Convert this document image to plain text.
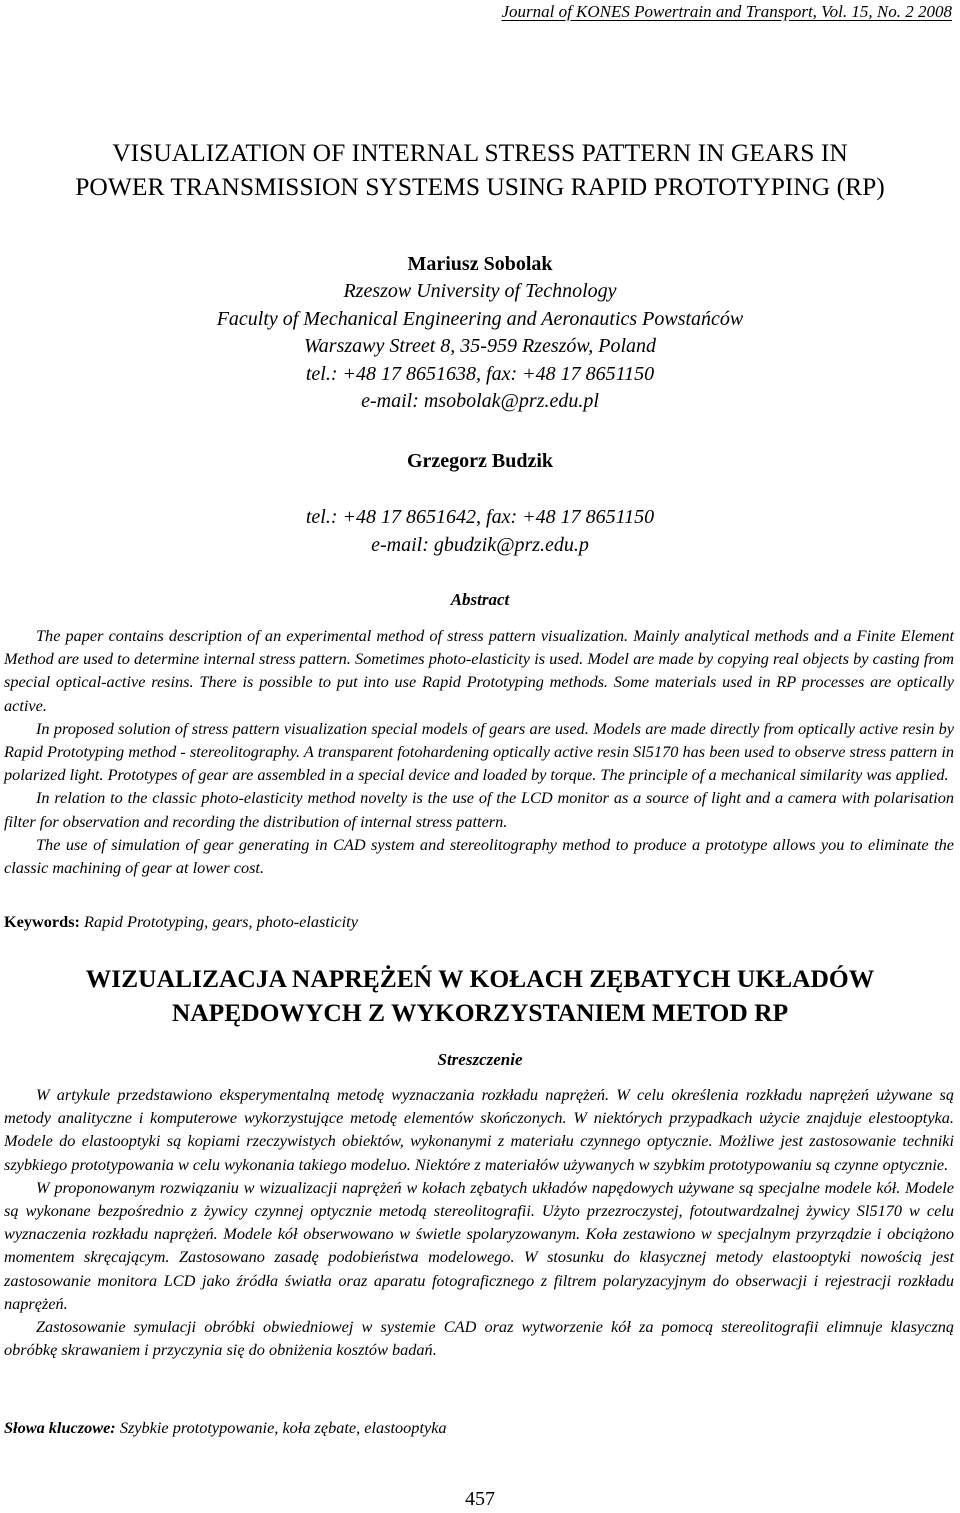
Journal of KONES Powertrain and Transport, Vol. 15, No. 2 2008
VISUALIZATION OF INTERNAL STRESS PATTERN IN GEARS IN
POWER TRANSMISSION SYSTEMS USING RAPID PROTOTYPING (RP)
Mariusz Sobolak
Rzeszow University of Technology
Faculty of Mechanical Engineering and Aeronautics Powstańców
Warszawy Street 8, 35-959 Rzeszów, Poland
tel.: +48 17 8651638, fax: +48 17 8651150
e-mail: msobolak@prz.edu.pl
Grzegorz Budzik
tel.: +48 17 8651642, fax: +48 17 8651150
e-mail: gbudzik@prz.edu.p
Abstract

The paper contains description of an experimental method of stress pattern visualization. Mainly analytical methods and a Finite Element Method are used to determine internal stress pattern. Sometimes photo-elasticity is used. Model are made by copying real objects by casting from special optical-active resins. There is possible to put into use Rapid Prototyping methods. Some materials used in RP processes are optically active.

In proposed solution of stress pattern visualization special models of gears are used. Models are made directly from optically active resin by Rapid Prototyping method - stereolitography. A transparent fotohardening optically active resin Sl5170 has been used to observe stress pattern in polarized light. Prototypes of gear are assembled in a special device and loaded by torque. The principle of a mechanical similarity was applied.

In relation to the classic photo-elasticity method novelty is the use of the LCD monitor as a source of light and a camera with polarisation filter for observation and recording the distribution of internal stress pattern.

The use of simulation of gear generating in CAD system and stereolitography method to produce a prototype allows you to eliminate the classic machining of gear at lower cost.

Keywords: Rapid Prototyping, gears, photo-elasticity
WIZUALIZACJA NAPRĘŻEŃ W KOŁACH ZĘBATYCH UKŁADÓW
NAPĘDOWYCH Z WYKORZYSTANIEM METOD RP
Streszczenie

W artykule przedstawiono eksperymentalną metodę wyznaczania rozkładu naprężeń. W celu określenia rozkładu naprężeń używane są metody analityczne i komputerowe wykorzystujące metodę elementów skończonych. W niektórych przypadkach użycie znajduje elestooptyka. Modele do elastooptyki są kopiami rzeczywistych obiektów, wykonanymi z materiału czynnego optycznie. Możliwe jest zastosowanie techniki szybkiego prototypowania w celu wykonania takiego modeluo. Niektóre z materiałów używanych w szybkim prototypowaniu są czynne optycznie.

W proponowanym rozwiązaniu w wizualizacji naprężeń w kołach zębatych układów napędowych używane są specjalne modele kół. Modele są wykonane bezpośrednio z żywicy czynnej optycznie metodą stereolitografii. Użyto przezroczystej, fotoutwardzalnej żywicy Sl5170 w celu wyznaczenia rozkładu naprężeń. Modele kół obserwowano w świetle spolaryzowanym. Koła zestawiono w specjalnym przyrządzie i obciążono momentem skręcającym. Zastosowano zasadę podobieństwa modelowego. W stosunku do klasycznej metody elastooptyki nowością jest zastosowanie monitora LCD jako źródła światła oraz aparatu fotograficznego z filtrem polaryzacyjnym do obserwacji i rejestracji rozkładu naprężeń.

Zastosowanie symulacji obróbki obwiedniowej w systemie CAD oraz wytworzenie kół za pomocą stereolitografii elimnuje klasyczną obróbkę skrawaniem i przyczynia się do obniżenia kosztów badań.

Słowa kluczowe: Szybkie prototypowanie, koła zębate, elastooptyka
457
